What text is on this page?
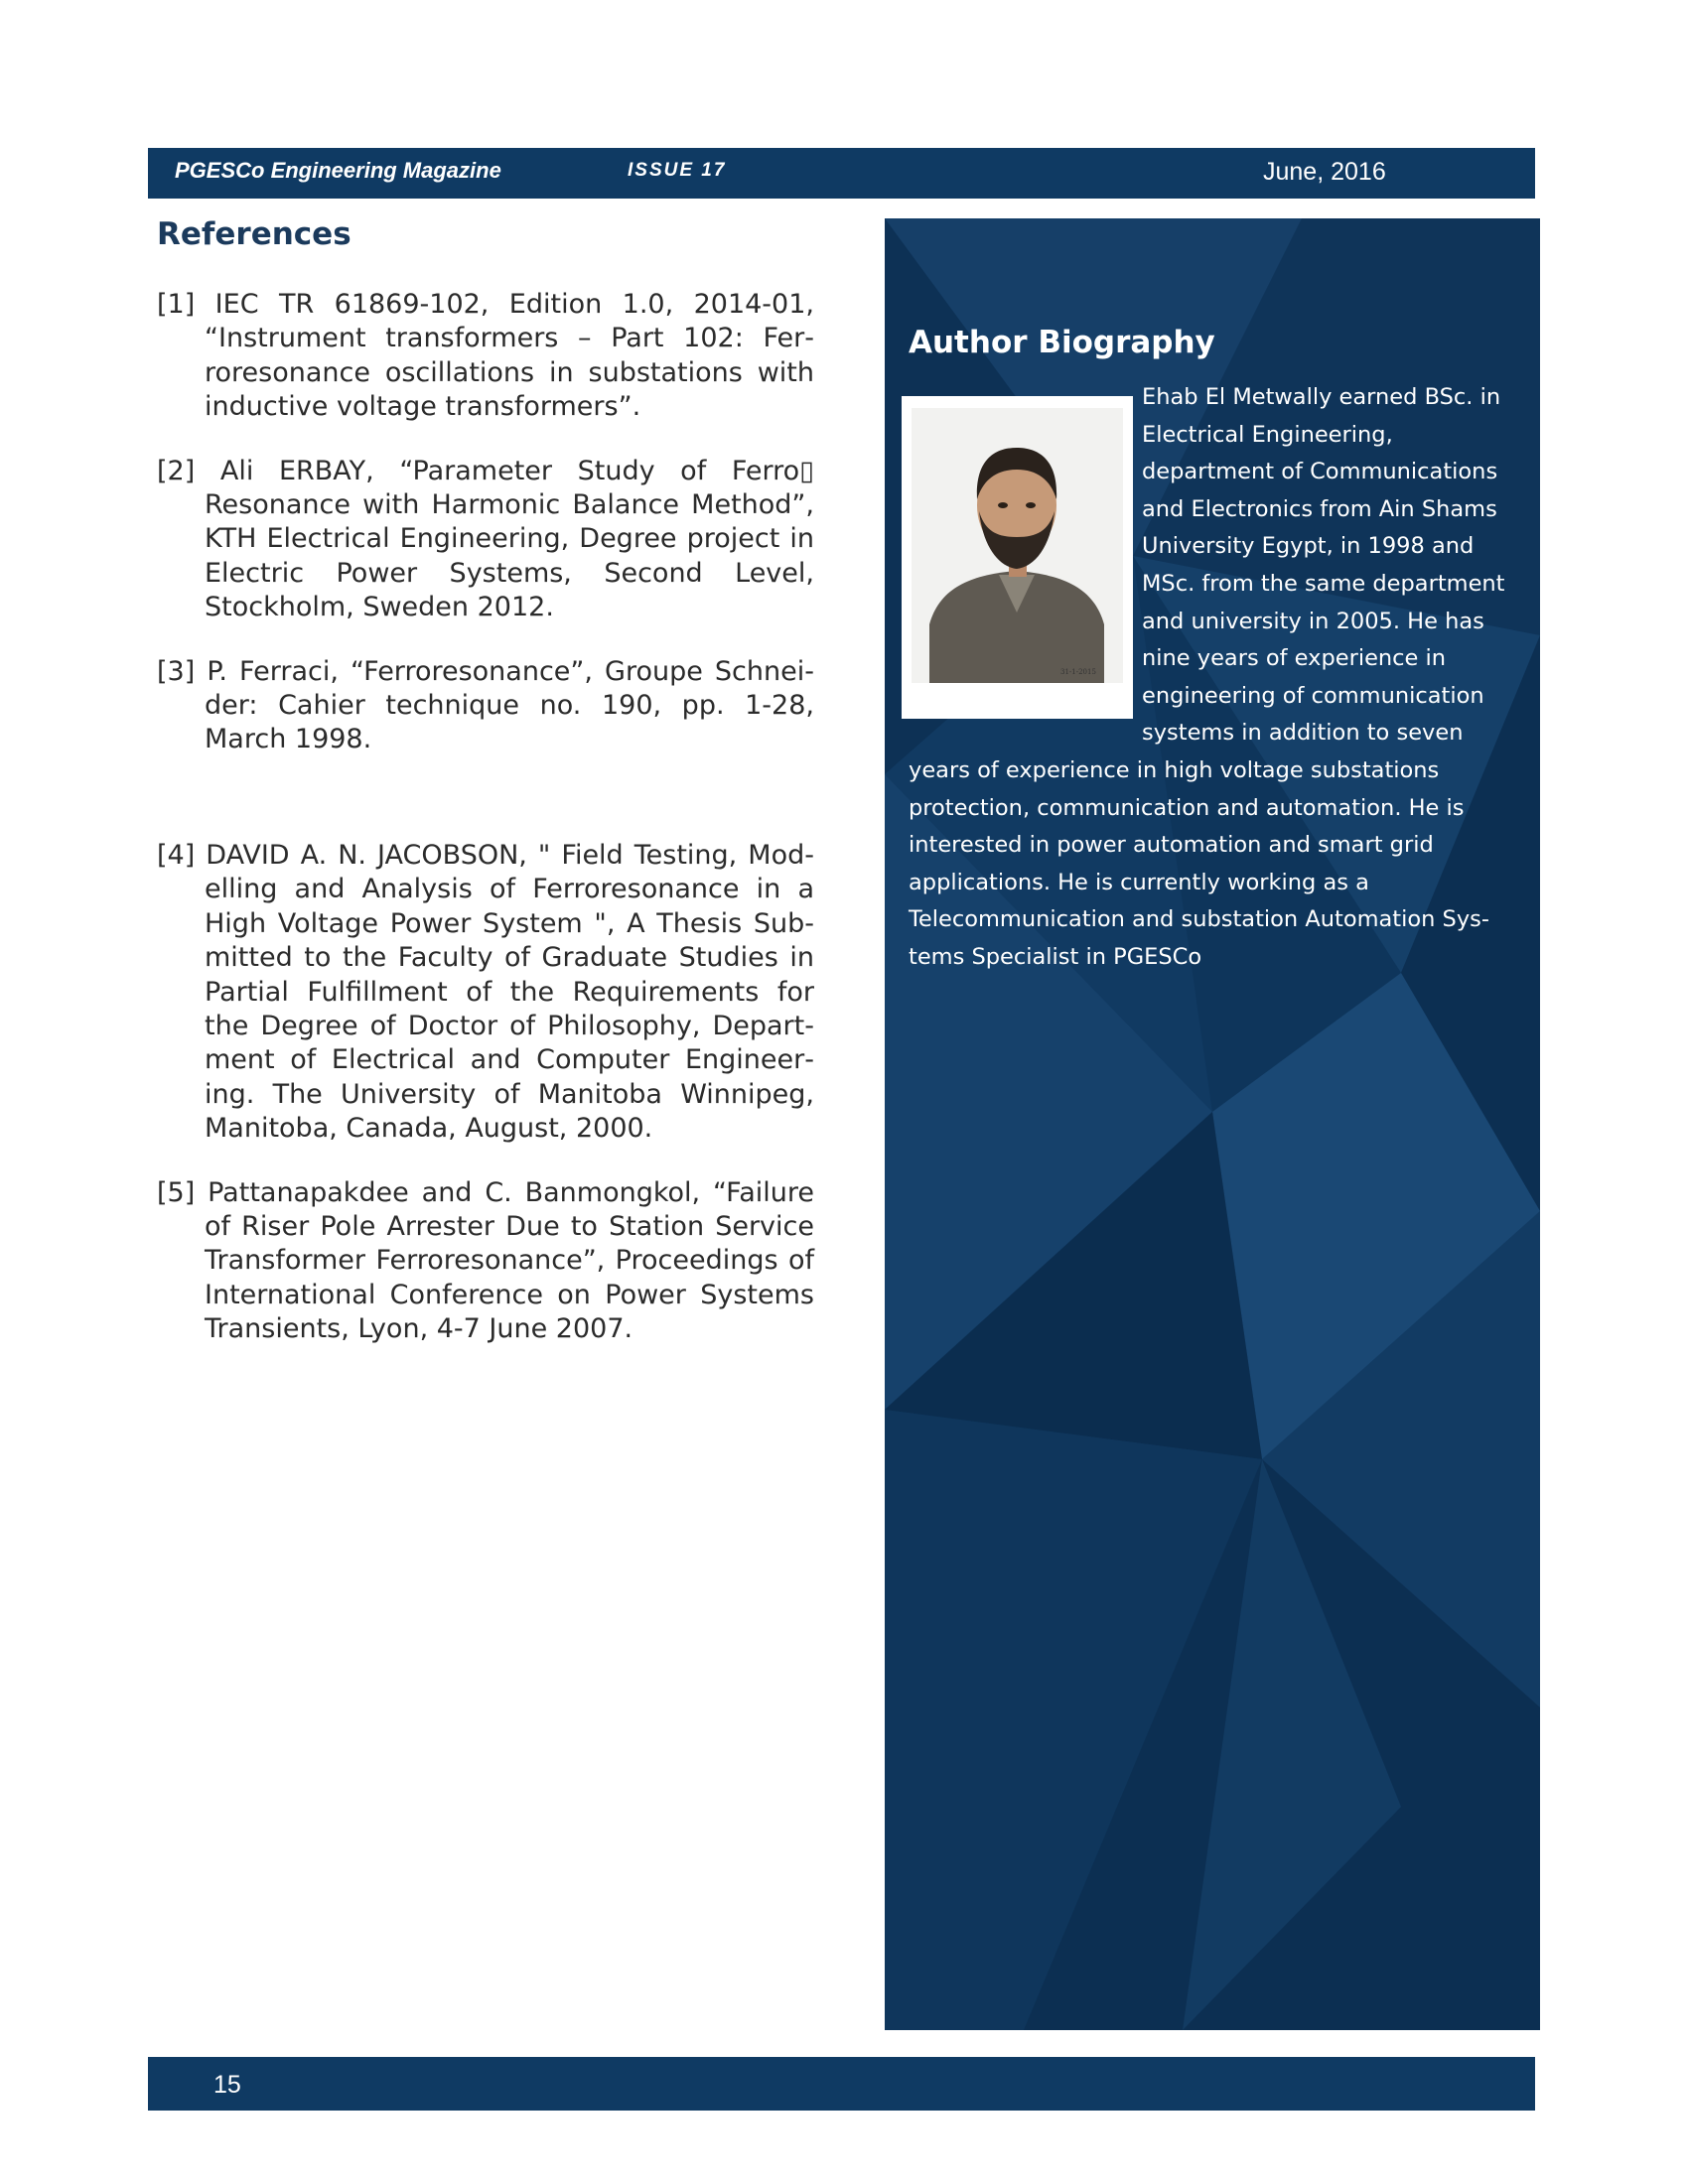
PGESCo Engineering Magazine	ISSUE 17	June, 2016
References

[1] IEC TR 61869-102, Edition 1.0, 2014-01, “Instrument transformers – Part 102: Ferroresonance oscillations in substations with inductive voltage transformers”.

[2] Ali ERBAY, “Parameter Study of Ferro▯ Resonance with Harmonic Balance Method”, KTH Electrical Engineering, Degree project in Electric Power Systems, Second Level, Stockholm, Sweden 2012.

[3] P. Ferraci, “Ferroresonance”, Groupe Schneider: Cahier technique no. 190, pp. 1-28, March 1998.

[4] DAVID A. N. JACOBSON, " Field Testing, Modelling and Analysis of Ferroresonance in a High Voltage Power System ", A Thesis Submitted to the Faculty of Graduate Studies in Partial Fulfillment of the Requirements for the Degree of Doctor of Philosophy, Department of Electrical and Computer Engineering. The University of Manitoba Winnipeg, Manitoba, Canada, August, 2000.

[5] Pattanapakdee and C. Banmongkol, “Failure of Riser Pole Arrester Due to Station Service Transformer Ferroresonance”, Proceedings of International Conference on Power Systems Transients, Lyon, 4-7 June 2007.

Author Biography
31-1-2015
Ehab El Metwally earned BSc. in Electrical Engineering, department of Communications and Electronics from Ain Shams University Egypt, in 1998 and MSc. from the same department and university in 2005. He has nine years of experience in engineering of communication systems in addition to seven years of experience in high voltage substations protection, communication and automation. He is interested in power automation and smart grid applications. He is currently working as a Telecommunication and substation Automation Systems Specialist in PGESCo
15
